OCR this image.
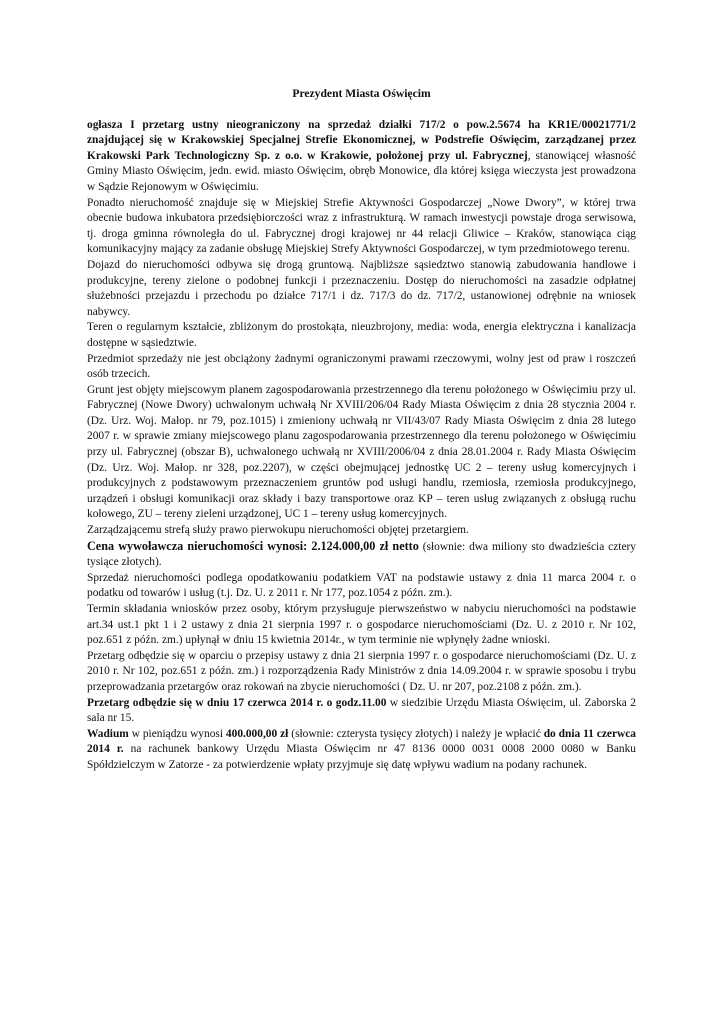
Prezydent Miasta Oświęcim

ogłasza I przetarg ustny nieograniczony na sprzedaż działki 717/2 o pow.2.5674 ha KR1E/00021771/2 znajdującej się w Krakowskiej Specjalnej Strefie Ekonomicznej, w Podstrefie Oświęcim, zarządzanej przez Krakowski Park Technologiczny Sp. z o.o. w Krakowie, położonej przy ul. Fabrycznej, stanowiącej własność Gminy Miasto Oświęcim, jedn. ewid. miasto Oświęcim, obręb Monowice, dla której księga wieczysta jest prowadzona w Sądzie Rejonowym w Oświęcimiu.

Ponadto nieruchomość znajduje się w Miejskiej Strefie Aktywności Gospodarczej „Nowe Dwory”, w której trwa obecnie budowa inkubatora przedsiębiorczości wraz z infrastrukturą. W ramach inwestycji powstaje droga serwisowa, tj. droga gminna równoległa do ul. Fabrycznej drogi krajowej nr 44 relacji Gliwice – Kraków, stanowiąca ciąg komunikacyjny mający za zadanie obsługę Miejskiej Strefy Aktywności Gospodarczej, w tym przedmiotowego terenu.

Dojazd do nieruchomości odbywa się drogą gruntową. Najbliższe sąsiedztwo stanowią zabudowania handlowe i produkcyjne, tereny zielone o podobnej funkcji i przeznaczeniu. Dostęp do nieruchomości na zasadzie odpłatnej służebności przejazdu i przechodu po działce 717/1 i dz. 717/3 do dz. 717/2, ustanowionej odrębnie na wniosek nabywcy.

Teren o regularnym kształcie, zbliżonym do prostokąta, nieuzbrojony, media: woda, energia elektryczna i kanalizacja dostępne w sąsiedztwie.

Przedmiot sprzedaży nie jest obciążony żadnymi ograniczonymi prawami rzeczowymi, wolny jest od praw i roszczeń osób trzecich.

Grunt jest objęty miejscowym planem zagospodarowania przestrzennego dla terenu położonego w Oświęcimiu przy ul. Fabrycznej (Nowe Dwory) uchwalonym uchwałą Nr XVIII/206/04 Rady Miasta Oświęcim z dnia 28 stycznia 2004 r. (Dz. Urz. Woj. Małop. nr 79, poz.1015) i zmieniony uchwałą nr VII/43/07 Rady Miasta Oświęcim z dnia 28 lutego 2007 r. w sprawie zmiany miejscowego planu zagospodarowania przestrzennego dla terenu położonego w Oświęcimiu przy ul. Fabrycznej (obszar B), uchwalonego uchwałą nr XVIII/2006/04 z dnia 28.01.2004 r. Rady Miasta Oświęcim (Dz. Urz. Woj. Małop. nr 328, poz.2207), w części obejmującej jednostkę UC 2 – tereny usług komercyjnych i produkcyjnych z podstawowym przeznaczeniem gruntów pod usługi handlu, rzemiosła, rzemiosła produkcyjnego, urządzeń i obsługi komunikacji oraz składy i bazy transportowe oraz KP – teren usług związanych z obsługą ruchu kołowego, ZU – tereny zieleni urządzonej, UC 1 – tereny usług komercyjnych.

Zarządzającemu strefą służy prawo pierwokupu nieruchomości objętej przetargiem.

Cena wywoławcza nieruchomości wynosi: 2.124.000,00 zł netto (słownie: dwa miliony sto dwadzieścia cztery tysiące złotych).

Sprzedaż nieruchomości podlega opodatkowaniu podatkiem VAT na podstawie ustawy z dnia 11 marca 2004 r. o podatku od towarów i usług (t.j. Dz. U. z 2011 r. Nr 177, poz.1054 z późn. zm.).

Termin składania wniosków przez osoby, którym przysługuje pierwszeństwo w nabyciu nieruchomości na podstawie art.34 ust.1 pkt 1 i 2 ustawy z dnia 21 sierpnia 1997 r. o gospodarce nieruchomościami (Dz. U. z 2010 r. Nr 102, poz.651 z późn. zm.) upłynął w dniu 15 kwietnia 2014r., w tym terminie nie wpłynęły żadne wnioski.

Przetarg odbędzie się w oparciu o przepisy ustawy z dnia 21 sierpnia 1997 r. o gospodarce nieruchomościami (Dz. U. z 2010 r. Nr 102, poz.651 z późn. zm.) i rozporządzenia Rady Ministrów z dnia 14.09.2004 r. w sprawie sposobu i trybu przeprowadzania przetargów oraz rokowań na zbycie nieruchomości ( Dz. U. nr 207, poz.2108 z późn. zm.).

Przetarg odbędzie się w dniu 17 czerwca 2014 r. o godz.11.00 w siedzibie Urzędu Miasta Oświęcim, ul. Zaborska 2 sala nr 15.

Wadium w pieniądzu wynosi 400.000,00 zł (słownie: czterysta tysięcy złotych) i należy je wpłacić do dnia 11 czerwca 2014 r. na rachunek bankowy Urzędu Miasta Oświęcim nr 47 8136 0000 0031 0008 2000 0080 w Banku Spółdzielczym w Zatorze - za potwierdzenie wpłaty przyjmuje się datę wpływu wadium na podany rachunek.
